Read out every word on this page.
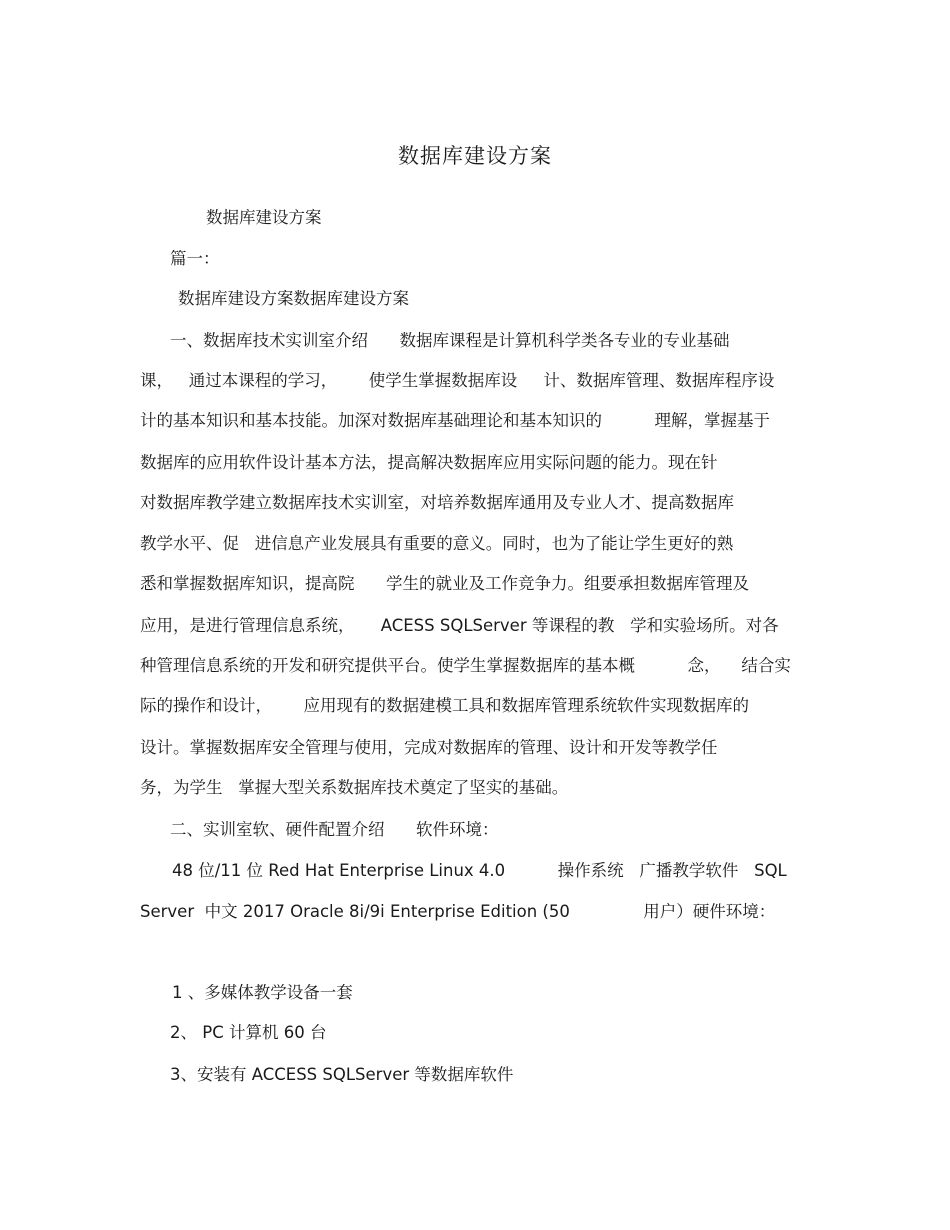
数据库建设方案
数据库建设方案
篇一：
数据库建设方案数据库建设方案
一、数据库技术实训室介绍      数据库课程是计算机科学类各专业的专业基础
课，   通过本课程的学习，      使学生掌握数据库设     计、数据库管理、数据库程序设
计的基本知识和基本技能。加深对数据库基础理论和基本知识的          理解，掌握基于
数据库的应用软件设计基本方法，提高解决数据库应用实际问题的能力。现在针
对数据库教学建立数据库技术实训室，对培养数据库通用及专业人才、提高数据库
教学水平、促   进信息产业发展具有重要的意义。同时，也为了能让学生更好的熟
悉和掌握数据库知识，提高院      学生的就业及工作竞争力。组要承担数据库管理及
应用，是进行管理信息系统，     ACESS SQLServer 等课程的教   学和实验场所。对各
种管理信息系统的开发和研究提供平台。使学生掌握数据库的基本概          念，    结合实
际的操作和设计，      应用现有的数据建模工具和数据库管理系统软件实现数据库的
设计。掌握数据库安全管理与使用，完成对数据库的管理、设计和开发等教学任
务，为学生   掌握大型关系数据库技术奠定了坚实的基础。
二、实训室软、硬件配置介绍      软件环境：
48 位/11 位 Red Hat Enterprise Linux 4.0          操作系统   广播教学软件   SQL
Server  中文 2017 Oracle 8i/9i Enterprise Edition (50              用户）硬件环境：
1 、多媒体教学设备一套
2、 PC 计算机 60 台
3、安装有 ACCESS SQLServer 等数据库软件
